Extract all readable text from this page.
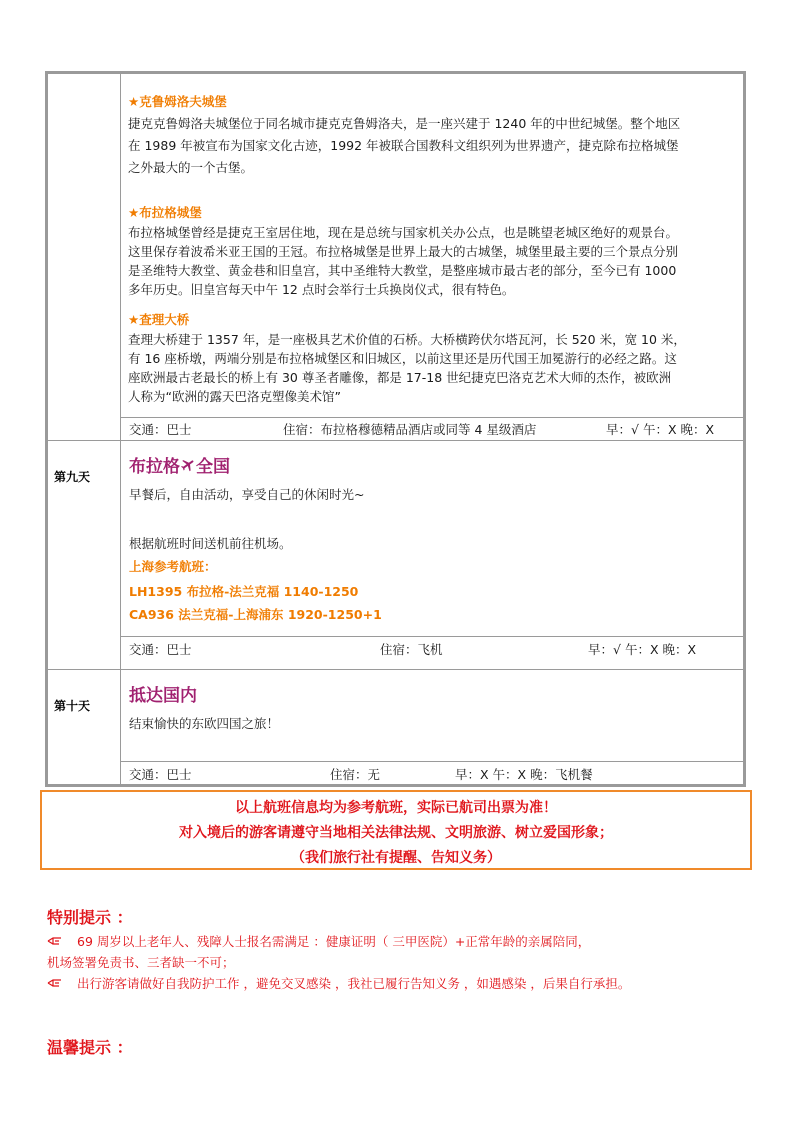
★克鲁姆洛夫城堡

捷克克鲁姆洛夫城堡位于同名城市捷克克鲁姆洛夫，是一座兴建于 1240 年的中世纪城堡。整个地区
在 1989 年被宣布为国家文化古迹，1992 年被联合国教科文组织列为世界遗产，捷克除布拉格城堡
之外最大的一个古堡。

★布拉格城堡

布拉格城堡曾经是捷克王室居住地，现在是总统与国家机关办公点，也是眺望老城区绝好的观景台。
这里保存着波希米亚王国的王冠。布拉格城堡是世界上最大的古城堡，城堡里最主要的三个景点分别
是圣维特大教堂、黄金巷和旧皇宫，其中圣维特大教堂，是整座城市最古老的部分，至今已有 1000
多年历史。旧皇宫每天中午 12 点时会举行士兵换岗仪式，很有特色。

★查理大桥

查理大桥建于 1357 年，是一座极具艺术价值的石桥。大桥横跨伏尔塔瓦河，长 520 米，宽 10 米，
有 16 座桥墩，两端分别是布拉格城堡区和旧城区，以前这里还是历代国王加冕游行的必经之路。这
座欧洲最古老最长的桥上有 30 尊圣者雕像，都是 17-18 世纪捷克巴洛克艺术大师的杰作，被欧洲
人称为“欧洲的露天巴洛克塑像美术馆”

交通：巴士	住宿：布拉格穆德精品酒店或同等 4 星级酒店	早：√ 午：X 晚：X
第九天 布拉格 全国
早餐后，自由活动，享受自己的休闲时光~
根据航班时间送机前往机场。
上海参考航班：
LH1395 布拉格-法兰克福 1140-1250
CA936 法兰克福-上海浦东 1920-1250+1
交通：巴士	住宿：飞机	早：√ 午：X 晚：X
第十天 抵达国内
结束愉快的东欧四国之旅！
交通：巴士	住宿：无	早：X 午：X 晚：飞机餐
以上航班信息均为参考航班，实际已航司出票为准！
对入境后的游客请遵守当地相关法律法规、文明旅游、树立爱国形象；
（我们旅行社有提醒、告知义务）
特别提示 ：
69 周岁以上老年人、残障人士报名需满足 ：健康证明（ 三甲医院）+正常年龄的亲属陪同，
机场签署免责书、三者缺一不可；
出行游客请做好自我防护工作 ，避免交叉感染 ，我社已履行告知义务 ，如遇感染 ，后果自行承担。
温馨提示 ：
